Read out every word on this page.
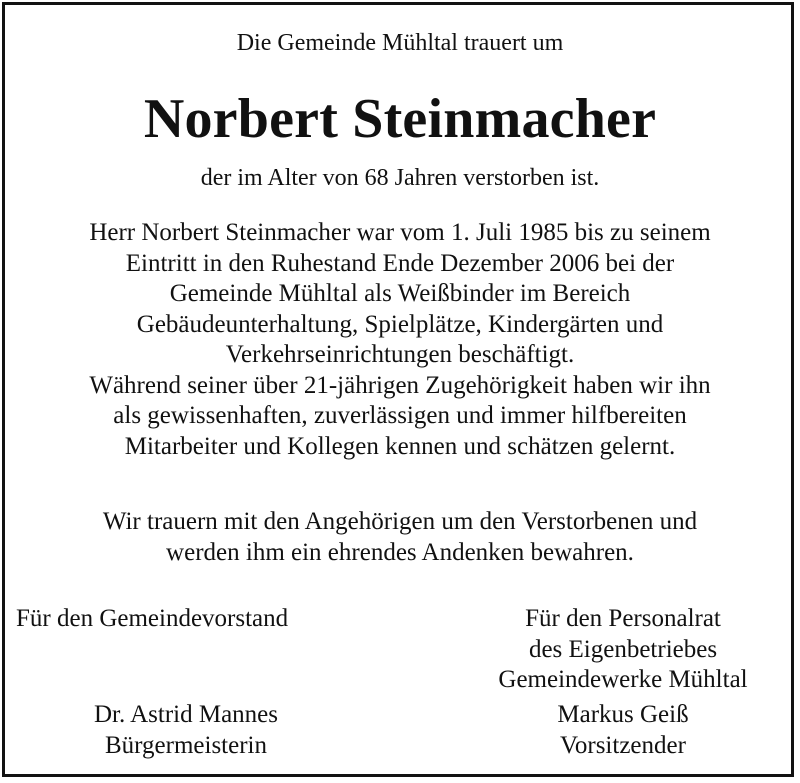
Die Gemeinde Mühltal trauert um
Norbert Steinmacher
der im Alter von 68 Jahren verstorben ist.
Herr Norbert Steinmacher war vom 1. Juli 1985 bis zu seinem
Eintritt in den Ruhestand Ende Dezember 2006 bei der
Gemeinde Mühltal als Weißbinder im Bereich
Gebäudeunterhaltung, Spielplätze, Kindergärten und
Verkehrseinrichtungen beschäftigt.
Während seiner über 21-jährigen Zugehörigkeit haben wir ihn
als gewissenhaften, zuverlässigen und immer hilfbereiten
Mitarbeiter und Kollegen kennen und schätzen gelernt.
Wir trauern mit den Angehörigen um den Verstorbenen und
werden ihm ein ehrendes Andenken bewahren.
Für den Gemeindevorstand
Dr. Astrid Mannes
Bürgermeisterin
Für den Personalrat
des Eigenbetriebes
Gemeindewerke Mühltal
Markus Geiß
Vorsitzender
